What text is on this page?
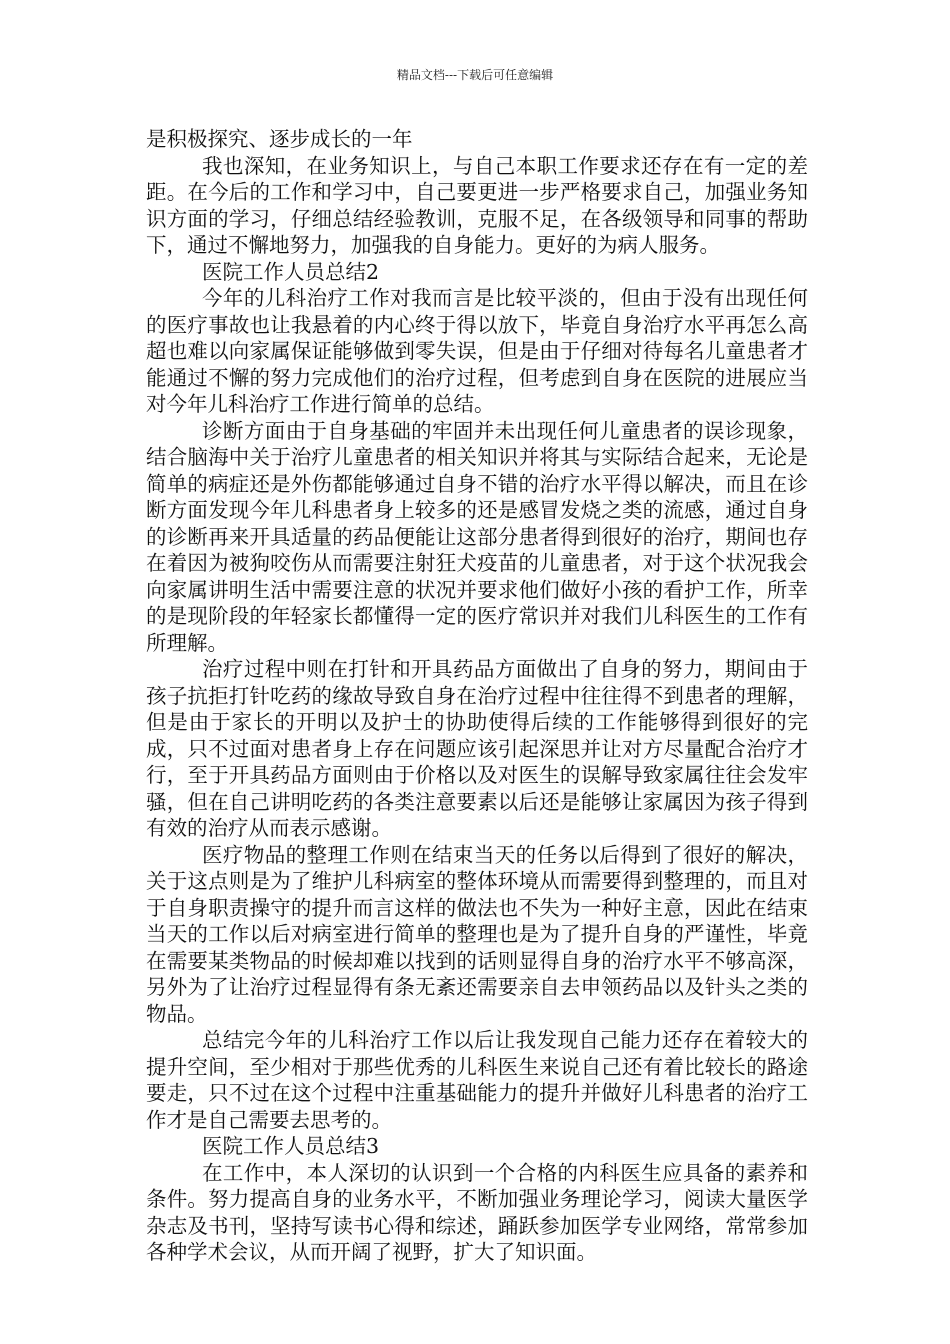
精品文档---下载后可任意编辑

是积极探究、逐步成长的一年

我也深知，在业务知识上，与自己本职工作要求还存在有一定的差距。在今后的工作和学习中，自己要更进一步严格要求自己，加强业务知识方面的学习，仔细总结经验教训，克服不足，在各级领导和同事的帮助下，通过不懈地努力，加强我的自身能力。更好的为病人服务。

医院工作人员总结2

今年的儿科治疗工作对我而言是比较平淡的，但由于没有出现任何的医疗事故也让我悬着的内心终于得以放下，毕竟自身治疗水平再怎么高超也难以向家属保证能够做到零失误，但是由于仔细对待每名儿童患者才能通过不懈的努力完成他们的治疗过程，但考虑到自身在医院的进展应当对今年儿科治疗工作进行简单的总结。

诊断方面由于自身基础的牢固并未出现任何儿童患者的误诊现象，结合脑海中关于治疗儿童患者的相关知识并将其与实际结合起来，无论是简单的病症还是外伤都能够通过自身不错的治疗水平得以解决，而且在诊断方面发现今年儿科患者身上较多的还是感冒发烧之类的流感，通过自身的诊断再来开具适量的药品便能让这部分患者得到很好的治疗，期间也存在着因为被狗咬伤从而需要注射狂犬疫苗的儿童患者，对于这个状况我会向家属讲明生活中需要注意的状况并要求他们做好小孩的看护工作，所幸的是现阶段的年轻家长都懂得一定的医疗常识并对我们儿科医生的工作有所理解。

治疗过程中则在打针和开具药品方面做出了自身的努力，期间由于孩子抗拒打针吃药的缘故导致自身在治疗过程中往往得不到患者的理解，但是由于家长的开明以及护士的协助使得后续的工作能够得到很好的完成，只不过面对患者身上存在问题应该引起深思并让对方尽量配合治疗才行，至于开具药品方面则由于价格以及对医生的误解导致家属往往会发牢骚，但在自己讲明吃药的各类注意要素以后还是能够让家属因为孩子得到有效的治疗从而表示感谢。

医疗物品的整理工作则在结束当天的任务以后得到了很好的解决，关于这点则是为了维护儿科病室的整体环境从而需要得到整理的，而且对于自身职责操守的提升而言这样的做法也不失为一种好主意，因此在结束当天的工作以后对病室进行简单的整理也是为了提升自身的严谨性，毕竟在需要某类物品的时候却难以找到的话则显得自身的治疗水平不够高深，另外为了让治疗过程显得有条无紊还需要亲自去申领药品以及针头之类的物品。

总结完今年的儿科治疗工作以后让我发现自己能力还存在着较大的提升空间，至少相对于那些优秀的儿科医生来说自己还有着比较长的路途要走，只不过在这个过程中注重基础能力的提升并做好儿科患者的治疗工作才是自己需要去思考的。

医院工作人员总结3

在工作中，本人深切的认识到一个合格的内科医生应具备的素养和条件。努力提高自身的业务水平，不断加强业务理论学习，阅读大量医学杂志及书刊，坚持写读书心得和综述，踊跃参加医学专业网络，常常参加各种学术会议，从而开阔了视野，扩大了知识面。
